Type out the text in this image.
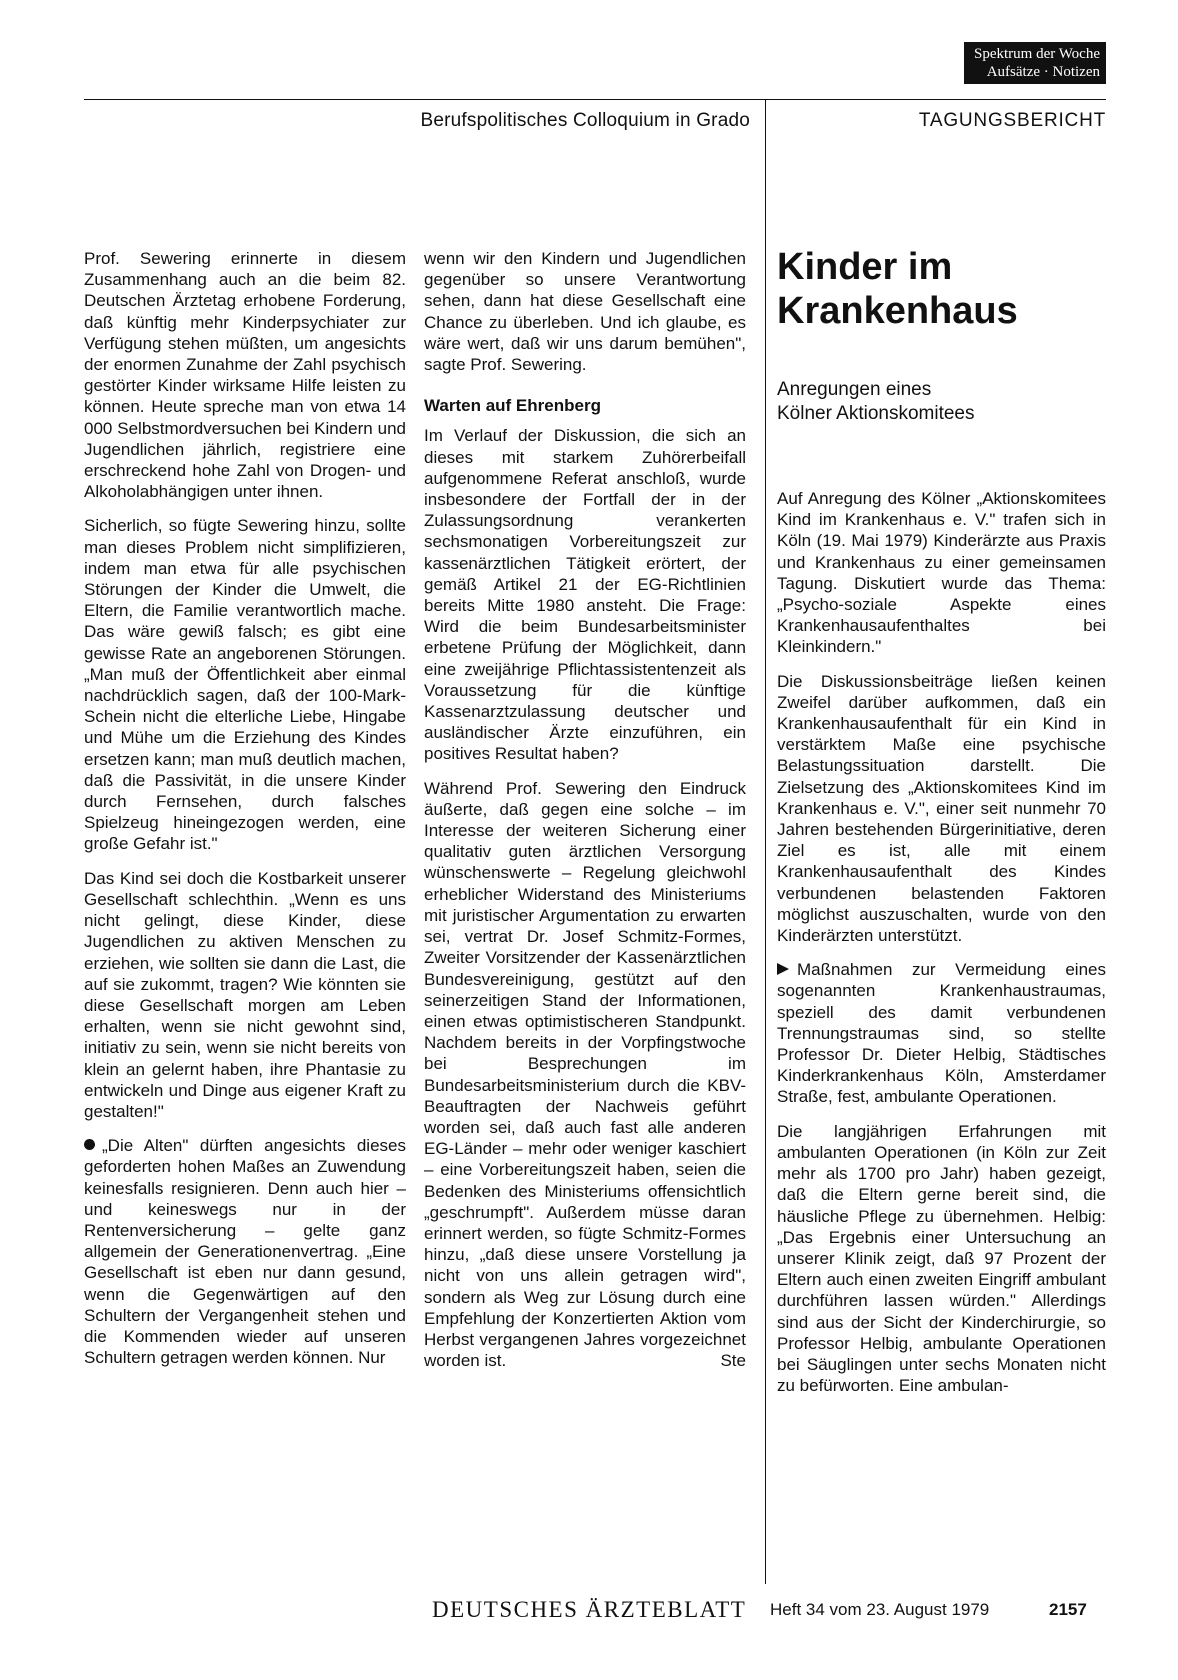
Spektrum der Woche
Aufsätze · Notizen
Berufspolitisches Colloquium in Grado	TAGUNGSBERICHT

Prof. Sewering erinnerte in diesem Zusammenhang auch an die beim 82. Deutschen Ärztetag erhobene Forderung, daß künftig mehr Kinderpsychiater zur Verfügung stehen müßten, um angesichts der enormen Zunahme der Zahl psychisch gestörter Kinder wirksame Hilfe leisten zu können. Heute spreche man von etwa 14 000 Selbstmordversuchen bei Kindern und Jugendlichen jährlich, registriere eine erschreckend hohe Zahl von Drogen- und Alkoholabhängigen unter ihnen.

Sicherlich, so fügte Sewering hinzu, sollte man dieses Problem nicht simplifizieren, indem man etwa für alle psychischen Störungen der Kinder die Umwelt, die Eltern, die Familie verantwortlich mache. Das wäre gewiß falsch; es gibt eine gewisse Rate an angeborenen Störungen. „Man muß der Öffentlichkeit aber einmal nachdrücklich sagen, daß der 100-Mark-Schein nicht die elterliche Liebe, Hingabe und Mühe um die Erziehung des Kindes ersetzen kann; man muß deutlich machen, daß die Passivität, in die unsere Kinder durch Fernsehen, durch falsches Spielzeug hineingezogen werden, eine große Gefahr ist."

Das Kind sei doch die Kostbarkeit unserer Gesellschaft schlechthin. „Wenn es uns nicht gelingt, diese Kinder, diese Jugendlichen zu aktiven Menschen zu erziehen, wie sollten sie dann die Last, die auf sie zukommt, tragen? Wie könnten sie diese Gesellschaft morgen am Leben erhalten, wenn sie nicht gewohnt sind, initiativ zu sein, wenn sie nicht bereits von klein an gelernt haben, ihre Phantasie zu entwickeln und Dinge aus eigener Kraft zu gestalten!"

„Die Alten" dürften angesichts dieses geforderten hohen Maßes an Zuwendung keinesfalls resignieren. Denn auch hier – und keineswegs nur in der Rentenversicherung – gelte ganz allgemein der Generationenvertrag. „Eine Gesellschaft ist eben nur dann gesund, wenn die Gegenwärtigen auf den Schultern der Vergangenheit stehen und die Kommenden wieder auf unseren Schultern getragen werden können. Nur

wenn wir den Kindern und Jugendlichen gegenüber so unsere Verantwortung sehen, dann hat diese Gesellschaft eine Chance zu überleben. Und ich glaube, es wäre wert, daß wir uns darum bemühen", sagte Prof. Sewering.

Warten auf Ehrenberg

Im Verlauf der Diskussion, die sich an dieses mit starkem Zuhörerbeifall aufgenommene Referat anschloß, wurde insbesondere der Fortfall der in der Zulassungsordnung verankerten sechsmonatigen Vorbereitungszeit zur kassenärztlichen Tätigkeit erörtert, der gemäß Artikel 21 der EG-Richtlinien bereits Mitte 1980 ansteht. Die Frage: Wird die beim Bundesarbeitsminister erbetene Prüfung der Möglichkeit, dann eine zweijährige Pflichtassistentenzeit als Voraussetzung für die künftige Kassenarztzulassung deutscher und ausländischer Ärzte einzuführen, ein positives Resultat haben?

Während Prof. Sewering den Eindruck äußerte, daß gegen eine solche – im Interesse der weiteren Sicherung einer qualitativ guten ärztlichen Versorgung wünschenswerte – Regelung gleichwohl erheblicher Widerstand des Ministeriums mit juristischer Argumentation zu erwarten sei, vertrat Dr. Josef Schmitz-Formes, Zweiter Vorsitzender der Kassenärztlichen Bundesvereinigung, gestützt auf den seinerzeitigen Stand der Informationen, einen etwas optimistischeren Standpunkt. Nachdem bereits in der Vorpfingstwoche bei Besprechungen im Bundesarbeitsministerium durch die KBV-Beauftragten der Nachweis geführt worden sei, daß auch fast alle anderen EG-Länder – mehr oder weniger kaschiert – eine Vorbereitungszeit haben, seien die Bedenken des Ministeriums offensichtlich „geschrumpft". Außerdem müsse daran erinnert werden, so fügte Schmitz-Formes hinzu, „daß diese unsere Vorstellung ja nicht von uns allein getragen wird", sondern als Weg zur Lösung durch eine Empfehlung der Konzertierten Aktion vom Herbst vergangenen Jahres vorgezeichnet worden ist.	Ste

Kinder im
Krankenhaus
Anregungen eines
Kölner Aktionskomitees

Auf Anregung des Kölner „Aktionskomitees Kind im Krankenhaus e. V." trafen sich in Köln (19. Mai 1979) Kinderärzte aus Praxis und Krankenhaus zu einer gemeinsamen Tagung. Diskutiert wurde das Thema: „Psycho-soziale Aspekte eines Krankenhausaufenthaltes bei Kleinkindern."

Die Diskussionsbeiträge ließen keinen Zweifel darüber aufkommen, daß ein Krankenhausaufenthalt für ein Kind in verstärktem Maße eine psychische Belastungssituation darstellt. Die Zielsetzung des „Aktionskomitees Kind im Krankenhaus e. V.", einer seit nunmehr 70 Jahren bestehenden Bürgerinitiative, deren Ziel es ist, alle mit einem Krankenhausaufenthalt des Kindes verbundenen belastenden Faktoren möglichst auszuschalten, wurde von den Kinderärzten unterstützt.

Maßnahmen zur Vermeidung eines sogenannten Krankenhaustraumas, speziell des damit verbundenen Trennungstraumas sind, so stellte Professor Dr. Dieter Helbig, Städtisches Kinderkrankenhaus Köln, Amsterdamer Straße, fest, ambulante Operationen.

Die langjährigen Erfahrungen mit ambulanten Operationen (in Köln zur Zeit mehr als 1700 pro Jahr) haben gezeigt, daß die Eltern gerne bereit sind, die häusliche Pflege zu übernehmen. Helbig: „Das Ergebnis einer Untersuchung an unserer Klinik zeigt, daß 97 Prozent der Eltern auch einen zweiten Eingriff ambulant durchführen lassen würden." Allerdings sind aus der Sicht der Kinderchirurgie, so Professor Helbig, ambulante Operationen bei Säuglingen unter sechs Monaten nicht zu befürworten. Eine ambulan-

DEUTSCHES ÄRZTEBLATT Heft 34 vom 23. August 1979	2157
